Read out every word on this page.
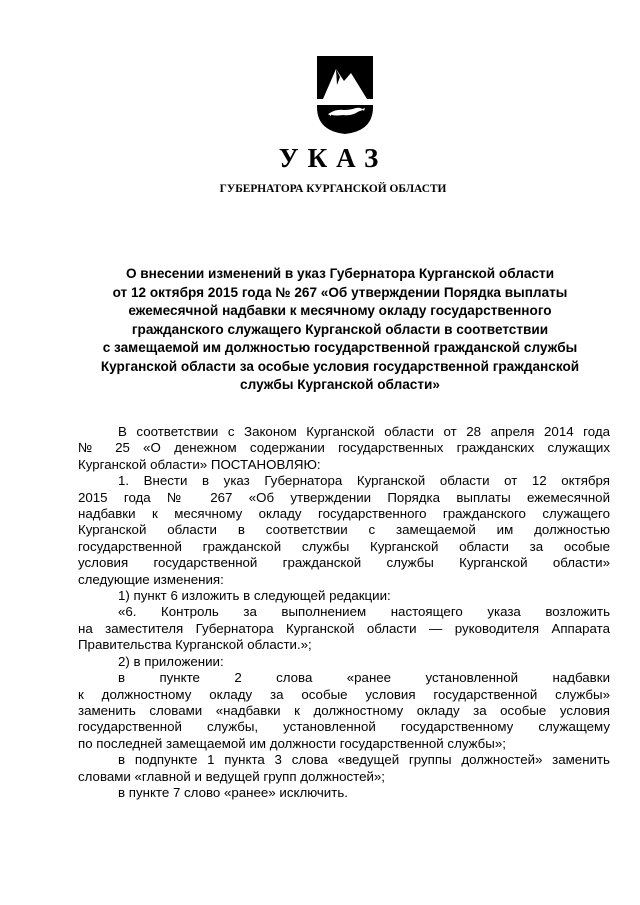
УКАЗ
ГУБЕРНАТОРА КУРГАНСКОЙ ОБЛАСТИ
О внесении изменений в указ Губернатора Курганской области
от 12 октября 2015 года № 267 «Об утверждении Порядка выплаты
ежемесячной надбавки к месячному окладу государственного
гражданского служащего Курганской области в соответствии
с замещаемой им должностью государственной гражданской службы
Курганской области за особые условия государственной гражданской
службы Курганской области»
В соответствии с Законом Курганской области от 28 апреля 2014 года
№ 25 «О денежном содержании государственных гражданских служащих
Курганской области» ПОСТАНОВЛЯЮ:
1. Внести в указ Губернатора Курганской области от 12 октября
2015 года № 267 «Об утверждении Порядка выплаты ежемесячной
надбавки к месячному окладу государственного гражданского служащего
Курганской области в соответствии с замещаемой им должностью
государственной гражданской службы Курганской области за особые
условия государственной гражданской службы Курганской области»
следующие изменения:
1) пункт 6 изложить в следующей редакции:
«6. Контроль за выполнением настоящего указа возложить
на заместителя Губернатора Курганской области — руководителя Аппарата
Правительства Курганской области.»;
2) в приложении:
в пункте 2 слова «ранее установленной надбавки
к должностному окладу за особые условия государственной службы»
заменить словами «надбавки к должностному окладу за особые условия
государственной службы, установленной государственному служащему
по последней замещаемой им должности государственной службы»;
в подпункте 1 пункта 3 слова «ведущей группы должностей» заменить
словами «главной и ведущей групп должностей»;
в пункте 7 слово «ранее» исключить.
